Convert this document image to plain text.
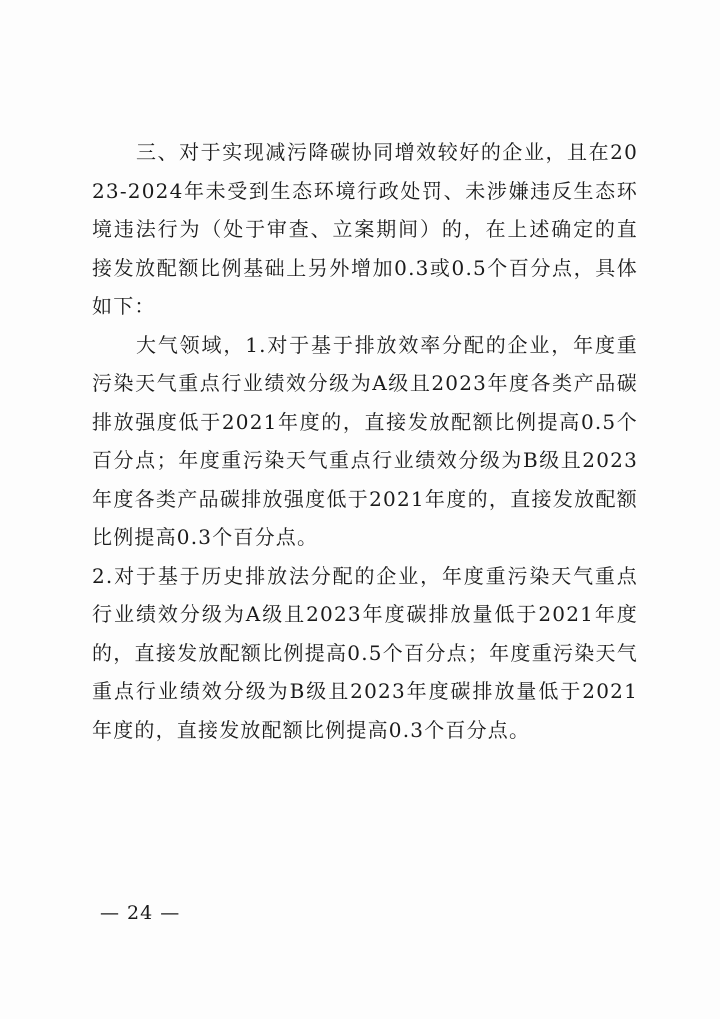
三、对于实现减污降碳协同增效较好的企业，且在2023-2024年未受到生态环境行政处罚、未涉嫌违反生态环境违法行为（处于审查、立案期间）的，在上述确定的直接发放配额比例基础上另外增加0.3或0.5个百分点，具体如下：

大气领域，1.对于基于排放效率分配的企业，年度重污染天气重点行业绩效分级为A级且2023年度各类产品碳排放强度低于2021年度的，直接发放配额比例提高0.5个百分点；年度重污染天气重点行业绩效分级为B级且2023年度各类产品碳排放强度低于2021年度的，直接发放配额比例提高0.3个百分点。

2.对于基于历史排放法分配的企业，年度重污染天气重点行业绩效分级为A级且2023年度碳排放量低于2021年度的，直接发放配额比例提高0.5个百分点；年度重污染天气重点行业绩效分级为B级且2023年度碳排放量低于2021年度的，直接发放配额比例提高0.3个百分点。

— 24 —
